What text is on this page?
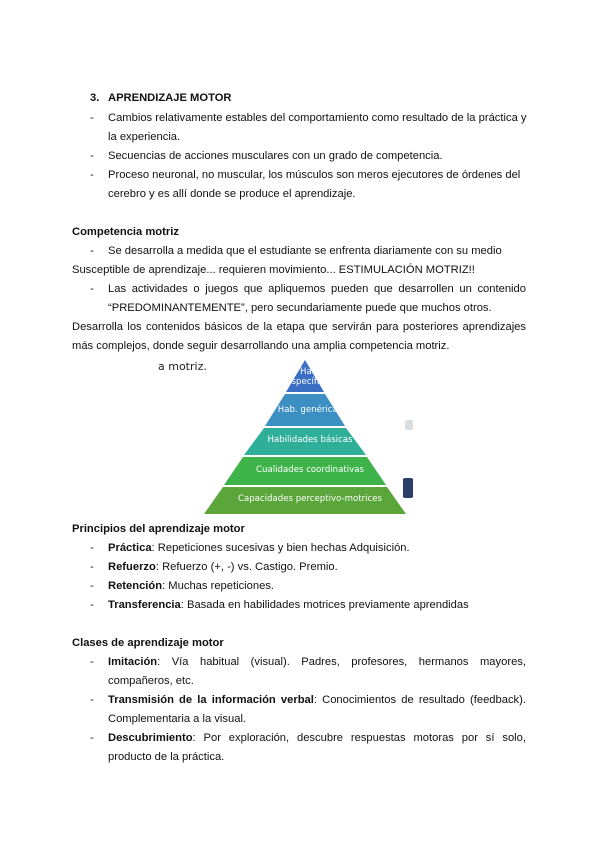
3. APRENDIZAJE MOTOR
- Cambios relativamente estables del comportamiento como resultado de la práctica y
la experiencia.
- Secuencias de acciones musculares con un grado de competencia.
- Proceso neuronal, no muscular, los músculos son meros ejecutores de órdenes del
cerebro y es allí donde se produce el aprendizaje.
Competencia motriz
- Se desarrolla a medida que el estudiante se enfrenta diariamente con su medio
Susceptible de aprendizaje... requieren movimiento... ESTIMULACIÓN MOTRIZ!!
- Las actividades o juegos que apliquemos pueden que desarrollen un contenido
“PREDOMINANTEMENTE”, pero secundariamente puede que muchos otros.
Desarrolla los contenidos básicos de la etapa que servirán para posteriores aprendizajes
más complejos, donde seguir desarrollando una amplia competencia motriz.
a motriz.	Hab.
específicas
Hab. genéricas
Habilidades básicas
Cualidades coordinativas
Capacidades perceptivo-motrices
Principios del aprendizaje motor
- Práctica: Repeticiones sucesivas y bien hechas Adquisición.
- Refuerzo: Refuerzo (+, -) vs. Castigo. Premio.
- Retención: Muchas repeticiones.
- Transferencia: Basada en habilidades motrices previamente aprendidas
Clases de aprendizaje motor
- Imitación: Vía habitual (visual). Padres, profesores, hermanos mayores,
compañeros, etc.
- Transmisión de la información verbal: Conocimientos de resultado (feedback).
Complementaria a la visual.
- Descubrimiento: Por exploración, descubre respuestas motoras por sí solo,
producto de la práctica.
